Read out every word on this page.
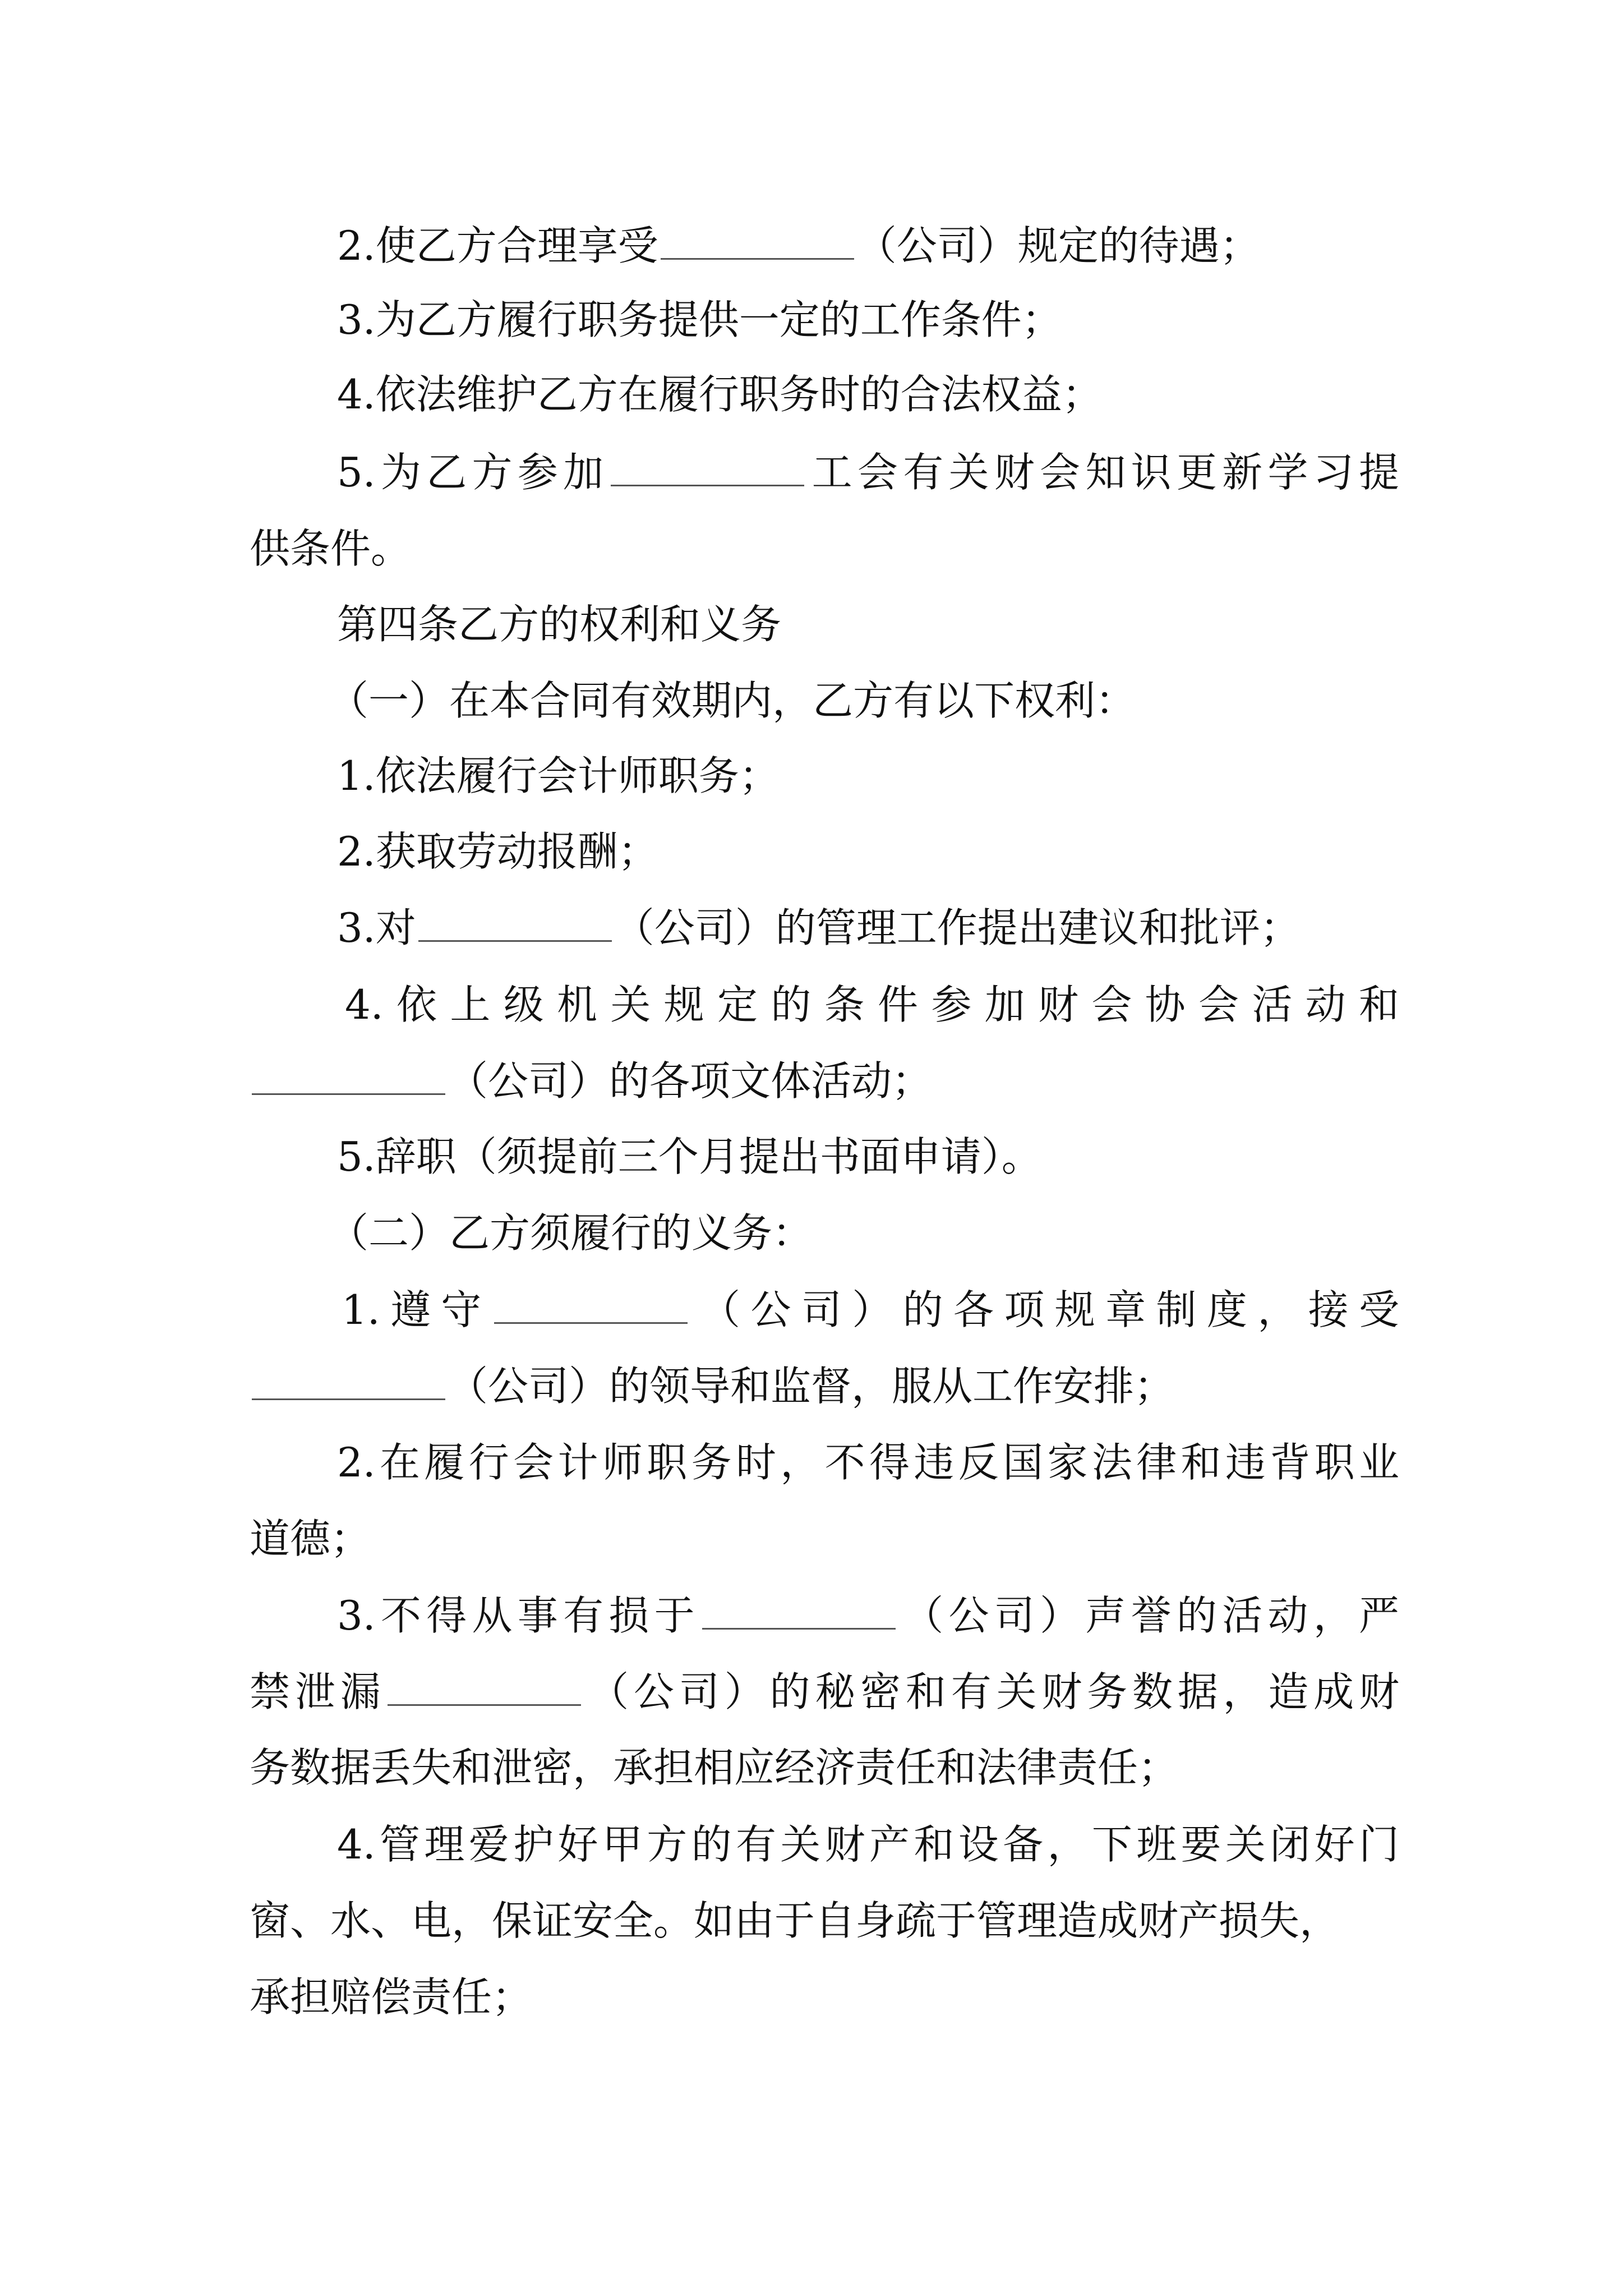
2.使乙方合理享受	（公司）规定的待遇；
3.为乙方履行职务提供一定的工作条件；
4.依法维护乙方在履行职务时的合法权益；
5.为乙方参加	工会有关财会知识更新学习提
供条件。
第四条乙方的权利和义务
（一）在本合同有效期内，乙方有以下权利：
1.依法履行会计师职务；
2.获取劳动报酬；
3.对	（公司）的管理工作提出建议和批评；
4.依上级机关规定的条件参加财会协会活动和
（公司）的各项文体活动；
5.辞职（须提前三个月提出书面申请）。
（二）乙方须履行的义务：
1.遵守	（公司）的各项规章制度，接受
（公司）的领导和监督，服从工作安排；
2.在履行会计师职务时，不得违反国家法律和违背职业
道德；
3.不得从事有损于	（公司）声誉的活动，严
禁泄漏	（公司）的秘密和有关财务数据，造成财
务数据丢失和泄密，承担相应经济责任和法律责任；
4.管理爱护好甲方的有关财产和设备，下班要关闭好门
窗、水、电，保证安全。如由于自身疏于管理造成财产损失，
承担赔偿责任；
